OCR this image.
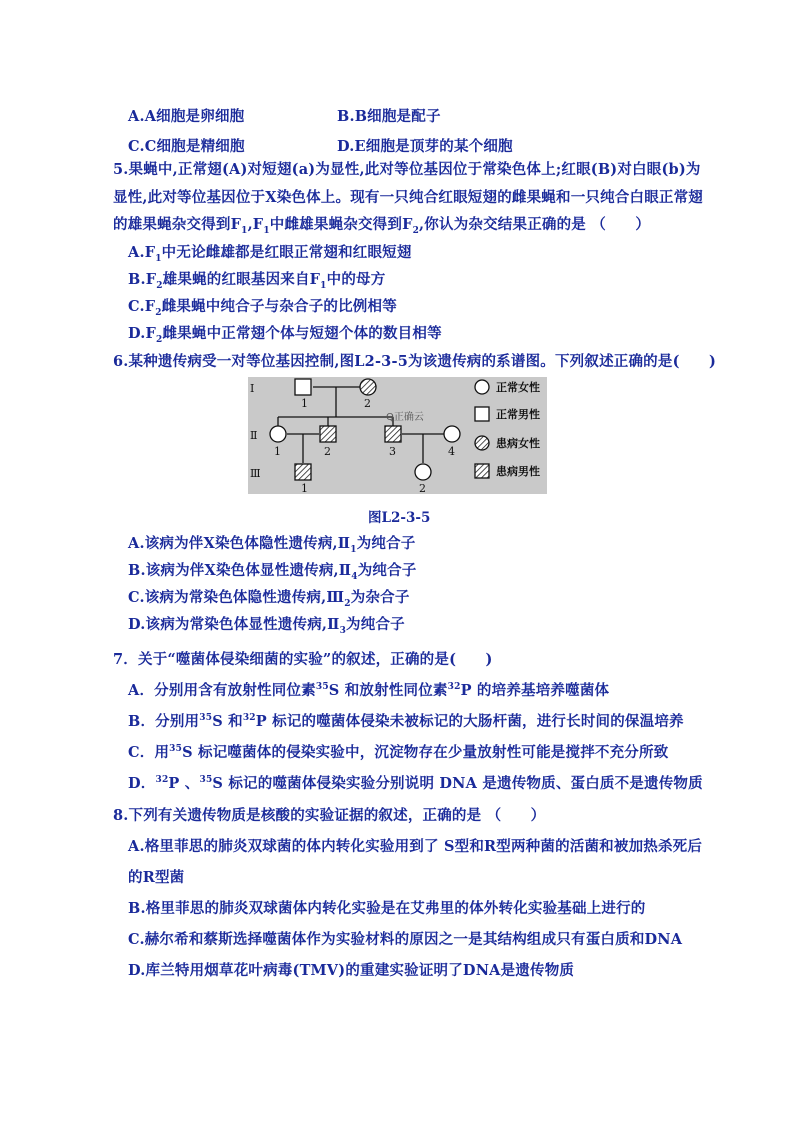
A.A细胞是卵细胞	B.B细胞是配子
C.C细胞是精细胞	D.E细胞是顶芽的某个细胞
5.果蝇中,正常翅(A)对短翅(a)为显性,此对等位基因位于常染色体上;红眼(B)对白眼(b)为
显性,此对等位基因位于X染色体上。现有一只纯合红眼短翅的雌果蝇和一只纯合白眼正常翅
的雄果蝇杂交得到$F_1,F_1$中雌雄果蝇杂交得到$F_2$,你认为杂交结果正确的是 （　　）
$A.F_1$中无论雌雄都是红眼正常翅和红眼短翅
$B.F_2$雄果蝇的红眼基因来自$F_1$中的母方
$C.F_2$雌果蝇中纯合子与杂合子的比例相等
$D.F_2$雌果蝇中正常翅个体与短翅个体的数目相等
6.某种遗传病受一对等位基因控制,图L2-3-5为该遗传病的系谱图。下列叙述正确的是(　　)
Ⅰ
Ⅱ
Ⅲ
1	2
1	2	3	4
1	2
Q正确云
正常女性
正常男性
患病女性
患病男性
图L2-3-5
A.该病为伴X染色体隐性遗传病$,Ⅱ_1$为纯合子
B.该病为伴X染色体显性遗传病$,Ⅱ_4$为纯合子
C.该病为常染色体隐性遗传病$,Ⅲ_2$为杂合子
D.该病为常染色体显性遗传病$,Ⅱ_3$为纯合子
7．关于“噬菌体侵染细菌的实验”的叙述，正确的是(　　)
A．分别用含有放射性同位素$^{35}$S 和放射性同位素$^{32}$P 的培养基培养噬菌体
B．分别用$^{35}$S 和$^{32}$P 标记的噬菌体侵染未被标记的大肠杆菌，进行长时间的保温培养
C．用$^{35}$S 标记噬菌体的侵染实验中，沉淀物存在少量放射性可能是搅拌不充分所致
D．$^{32}$P 、$^{35}$S 标记的噬菌体侵染实验分别说明 DNA 是遗传物质、蛋白质不是遗传物质
8.下列有关遗传物质是核酸的实验证据的叙述，正确的是 （　　）
A.格里菲思的肺炎双球菌的体内转化实验用到了 S型和R型两种菌的活菌和被加热杀死后
的R型菌
B.格里菲思的肺炎双球菌体内转化实验是在艾弗里的体外转化实验基础上进行的
C.赫尔希和蔡斯选择噬菌体作为实验材料的原因之一是其结构组成只有蛋白质和DNA
D.库兰特用烟草花叶病毒(TMV)的重建实验证明了DNA是遗传物质
